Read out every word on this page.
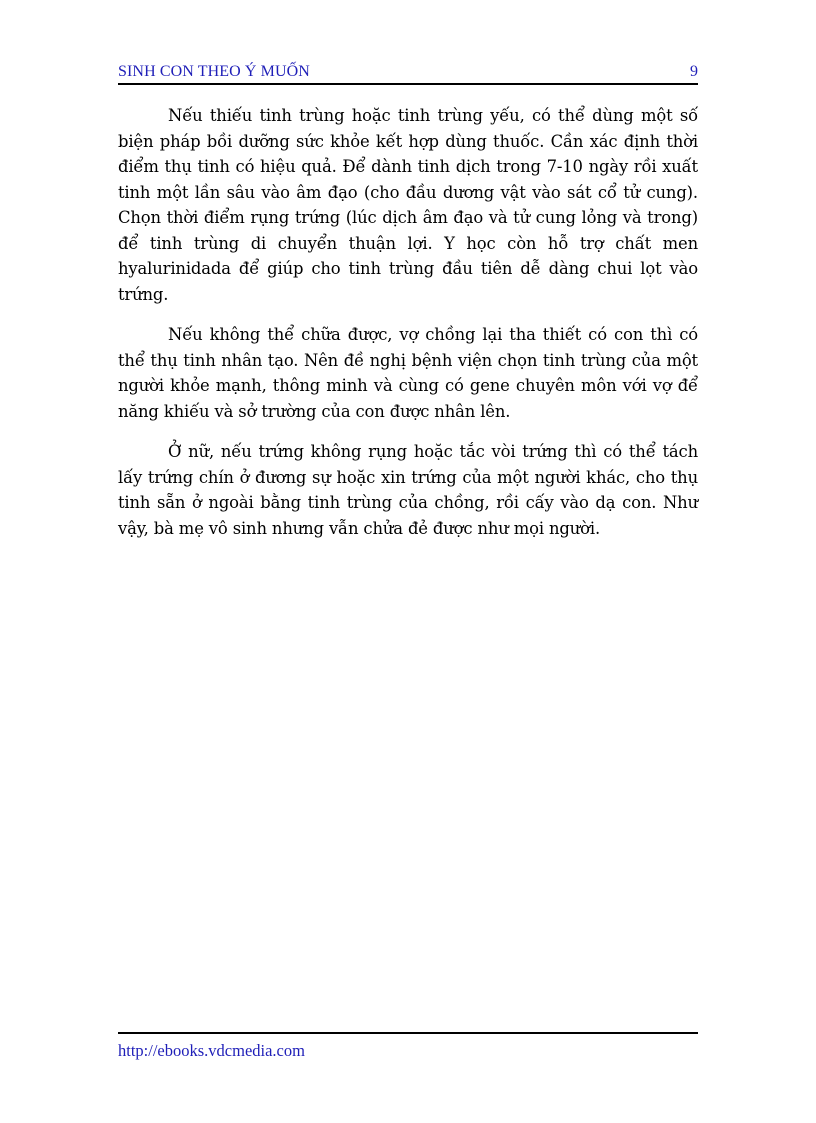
SINH CON THEO Ý MUỐN	9

Nếu thiếu tinh trùng hoặc tinh trùng yếu, có thể dùng một số biện pháp bồi dưỡng sức khỏe kết hợp dùng thuốc. Cần xác định thời điểm thụ tinh có hiệu quả. Để dành tinh dịch trong 7-10 ngày rồi xuất tinh một lần sâu vào âm đạo (cho đầu dương vật vào sát cổ tử cung). Chọn thời điểm rụng trứng (lúc dịch âm đạo và tử cung lỏng và trong) để tinh trùng di chuyển thuận lợi. Y học còn hỗ trợ chất men hyalurinidada để giúp cho tinh trùng đầu tiên dễ dàng chui lọt vào trứng.

Nếu không thể chữa được, vợ chồng lại tha thiết có con thì có thể thụ tinh nhân tạo. Nên đề nghị bệnh viện chọn tinh trùng của một người khỏe mạnh, thông minh và cùng có gene chuyên môn với vợ để năng khiếu và sở trường của con được nhân lên.

Ở nữ, nếu trứng không rụng hoặc tắc vòi trứng thì có thể tách lấy trứng chín ở đương sự hoặc xin trứng của một người khác, cho thụ tinh sẵn ở ngoài bằng tinh trùng của chồng, rồi cấy vào dạ con. Như vậy, bà mẹ vô sinh nhưng vẫn chửa đẻ được như mọi người.

http://ebooks.vdcmedia.com
